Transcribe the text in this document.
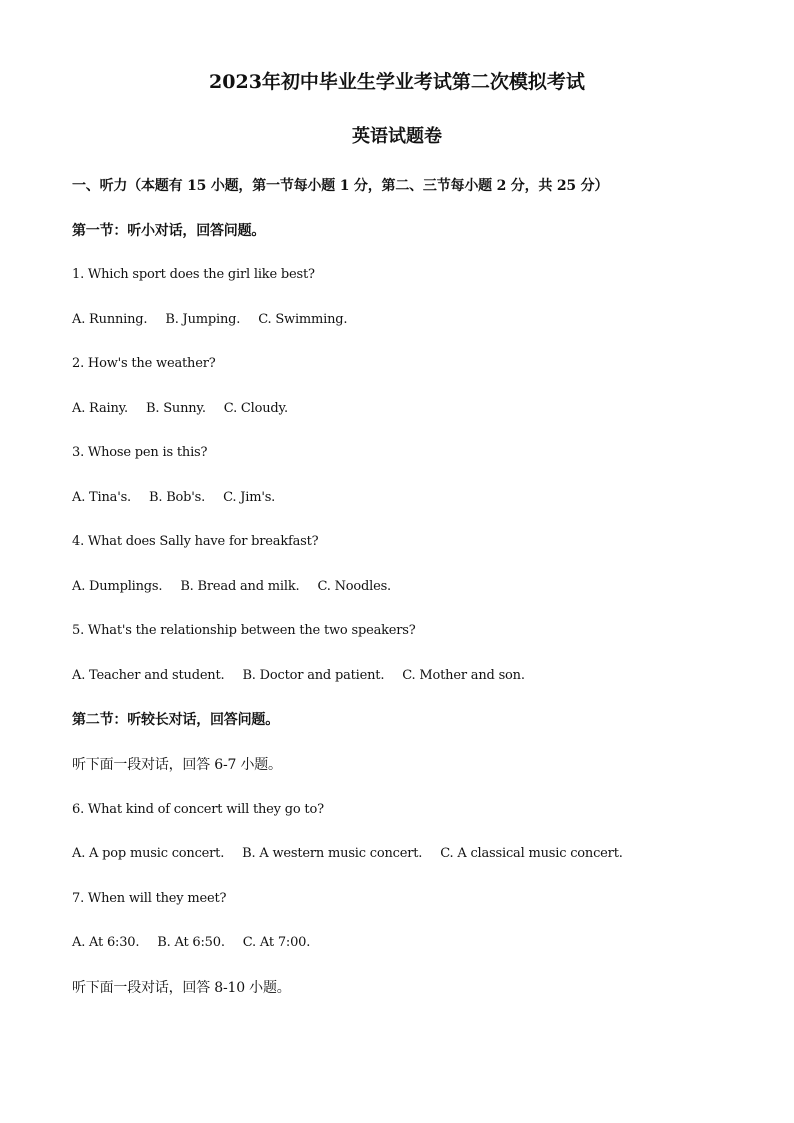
2023年初中毕业生学业考试第二次模拟考试
英语试题卷
一、听力（本题有 15 小题，第一节每小题 1 分，第二、三节每小题 2 分，共 25 分）
第一节：听小对话，回答问题。
1. Which sport does the girl like best?
A. Running. B. Jumping. C. Swimming.
2. How's the weather?
A. Rainy. B. Sunny. C. Cloudy.
3. Whose pen is this?
A. Tina's. B. Bob's. C. Jim's.
4. What does Sally have for breakfast?
A. Dumplings. B. Bread and milk. C. Noodles.
5. What's the relationship between the two speakers?
A. Teacher and student. B. Doctor and patient. C. Mother and son.
第二节：听较长对话，回答问题。
听下面一段对话，回答 6-7 小题。
6. What kind of concert will they go to?
A. A pop music concert. B. A western music concert. C. A classical music concert.
7. When will they meet?
A. At 6:30. B. At 6:50. C. At 7:00.
听下面一段对话，回答 8-10 小题。
